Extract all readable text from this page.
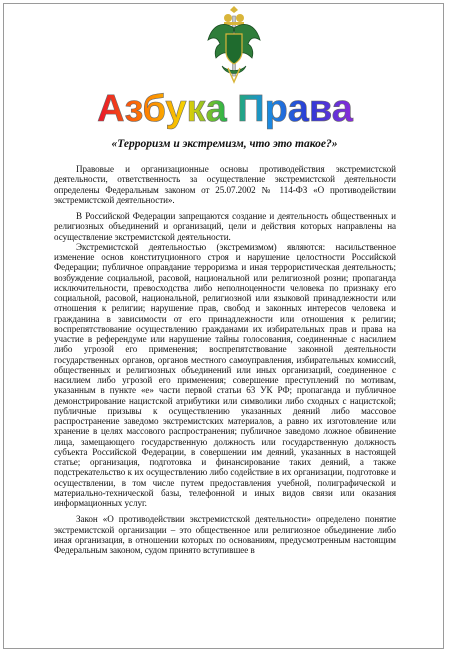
Азбука Права
«Терроризм и экстремизм, что это такое?»

Правовые и организационные основы противодействия экстремистской деятельности, ответственность за осуществление экстремистской деятельности определены Федеральным законом от 25.07.2002 № 114-ФЗ «О противодействии экстремистской деятельности».

В Российской Федерации запрещаются создание и деятельность общественных и религиозных объединений и организаций, цели и действия которых направлены на осуществление экстремистской деятельности.

Экстремистской деятельностью (экстремизмом) являются: насильственное изменение основ конституционного строя и нарушение целостности Российской Федерации; публичное оправдание терроризма и иная террористическая деятельность; возбуждение социальной, расовой, национальной или религиозной розни; пропаганда исключительности, превосходства либо неполноценности человека по признаку его социальной, расовой, национальной, религиозной или языковой принадлежности или отношения к религии; нарушение прав, свобод и законных интересов человека и гражданина в зависимости от его принадлежности или отношения к религии; воспрепятствование осуществлению гражданами их избирательных прав и права на участие в референдуме или нарушение тайны голосования, соединенные с насилием либо угрозой его применения; воспрепятствование законной деятельности государственных органов, органов местного самоуправления, избирательных комиссий, общественных и религиозных объединений или иных организаций, соединенное с насилием либо угрозой его применения; совершение преступлений по мотивам, указанным в пункте «е» части первой статьи 63 УК РФ; пропаганда и публичное демонстрирование нацистской атрибутики или символики либо сходных с нацистской; публичные призывы к осуществлению указанных деяний либо массовое распространение заведомо экстремистских материалов, а равно их изготовление или хранение в целях массового распространения; публичное заведомо ложное обвинение лица, замещающего государственную должность или государственную должность субъекта Российской Федерации, в совершении им деяний, указанных в настоящей статье; организация, подготовка и финансирование таких деяний, а также подстрекательство к их осуществлению либо содействие в их организации, подготовке и осуществлении, в том числе путем предоставления учебной, полиграфической и материально-технической базы, телефонной и иных видов связи или оказания информационных услуг.

Закон «О противодействии экстремистской деятельности» определено понятие экстремистской организации – это общественное или религиозное объединение либо иная организация, в отношении которых по основаниям, предусмотренным настоящим Федеральным законом, судом принято вступившее в
